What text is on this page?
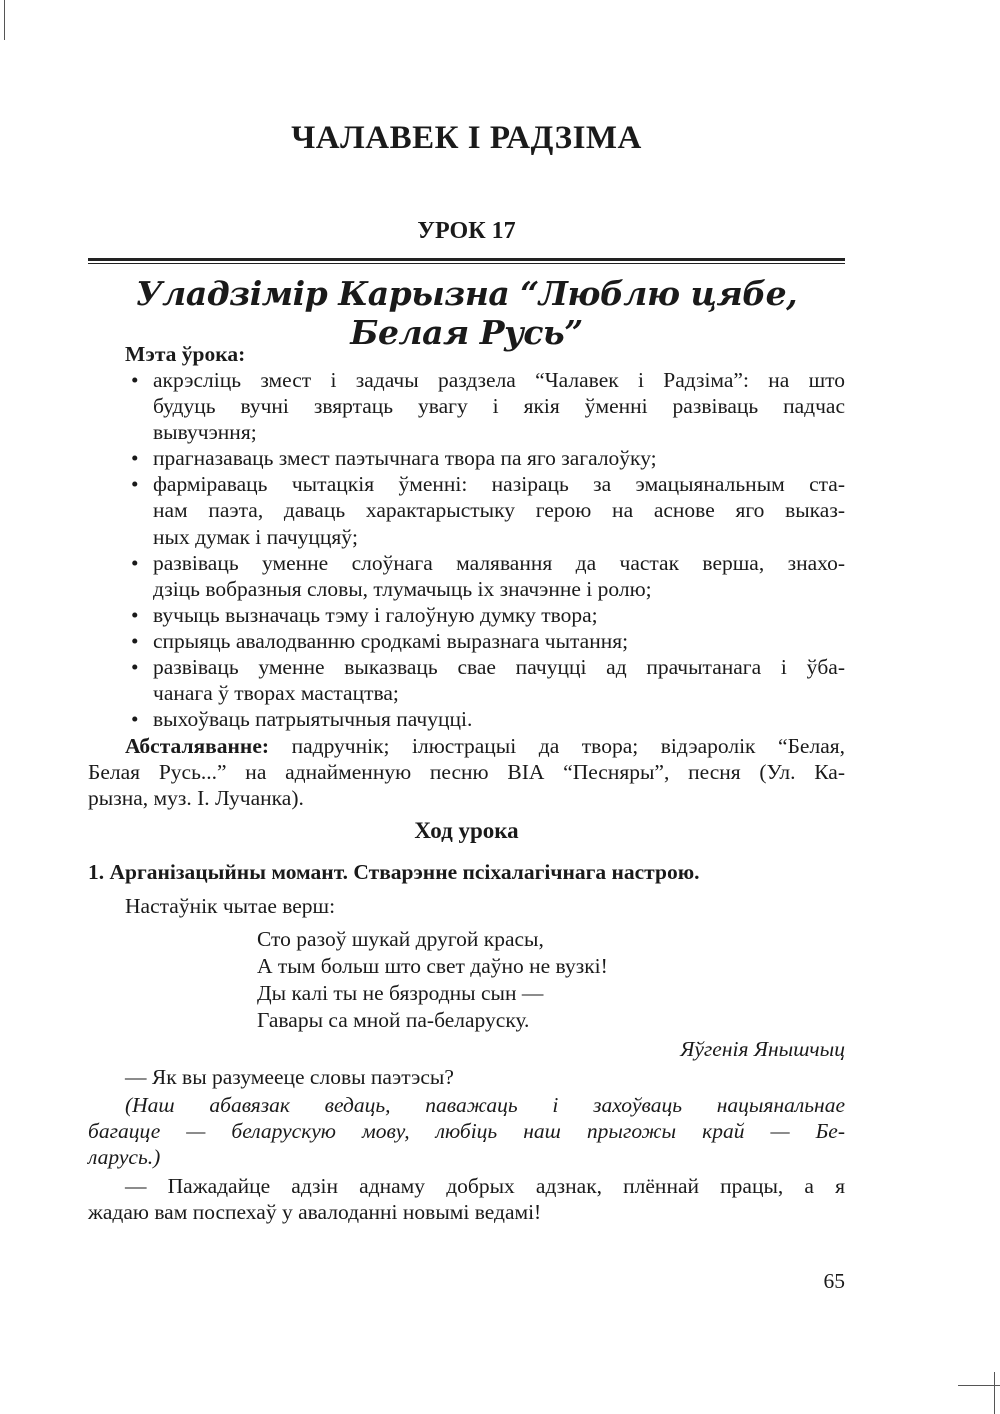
ЧАЛАВЕК І РАДЗІМА
УРОК 17
Уладзімір Карызна “Люблю цябе, Белая Русь”
Мэта ўрока:
• акрэсліць змест і задачы раздзела “Чалавек і Радзіма”: на што
будуць вучні звяртаць увагу і якія ўменні развіваць падчас
вывучэння;
• прагназаваць змест паэтычнага твора па яго загалоўку;
• фарміраваць чытацкія ўменні: назіраць за эмацыянальным ста-
нам паэта, даваць характарыстыку герою на аснове яго выказ-
ных думак і пачуццяў;
• развіваць уменне слоўнага малявання да частак верша, знахо-
дзіць вобразныя словы, тлумачыць іх значэнне і ролю;
• вучыць вызначаць тэму і галоўную думку твора;
• спрыяць авалодванню сродкамі выразнага чытання;
• развіваць уменне выказваць свае пачуцці ад прачытанага і ўба-
чанага ў творах мастацтва;
• выхоўваць патрыятычныя пачуцці.
Абсталяванне: падручнік; ілюстрацыі да твора; відэаролік “Белая,
Белая Русь...” на аднайменную песню ВІА “Песняры”, песня (Ул. Ка-
рызна, муз. І. Лучанка).
Ход урока
1. Арганізацыйны момант. Стварэнне псіхалагічнага настрою.
Настаўнік чытае верш:
Сто разоў шукай другой красы,
А тым больш што свет даўно не вузкі!
Ды калі ты не бязродны сын —
Гавары са мной па-беларуску.
Яўгенія Янышчыц
— Як вы разумееце словы паэтэсы?
(Наш абавязак ведаць, паважаць і захоўваць нацыянальнае
багацце — беларускую мову, любіць наш прыгожы край — Бе-
ларусь.)
— Пажадайце адзін аднаму добрых адзнак, плённай працы, а я
жадаю вам поспехаў у авалоданні новымі ведамі!
65
